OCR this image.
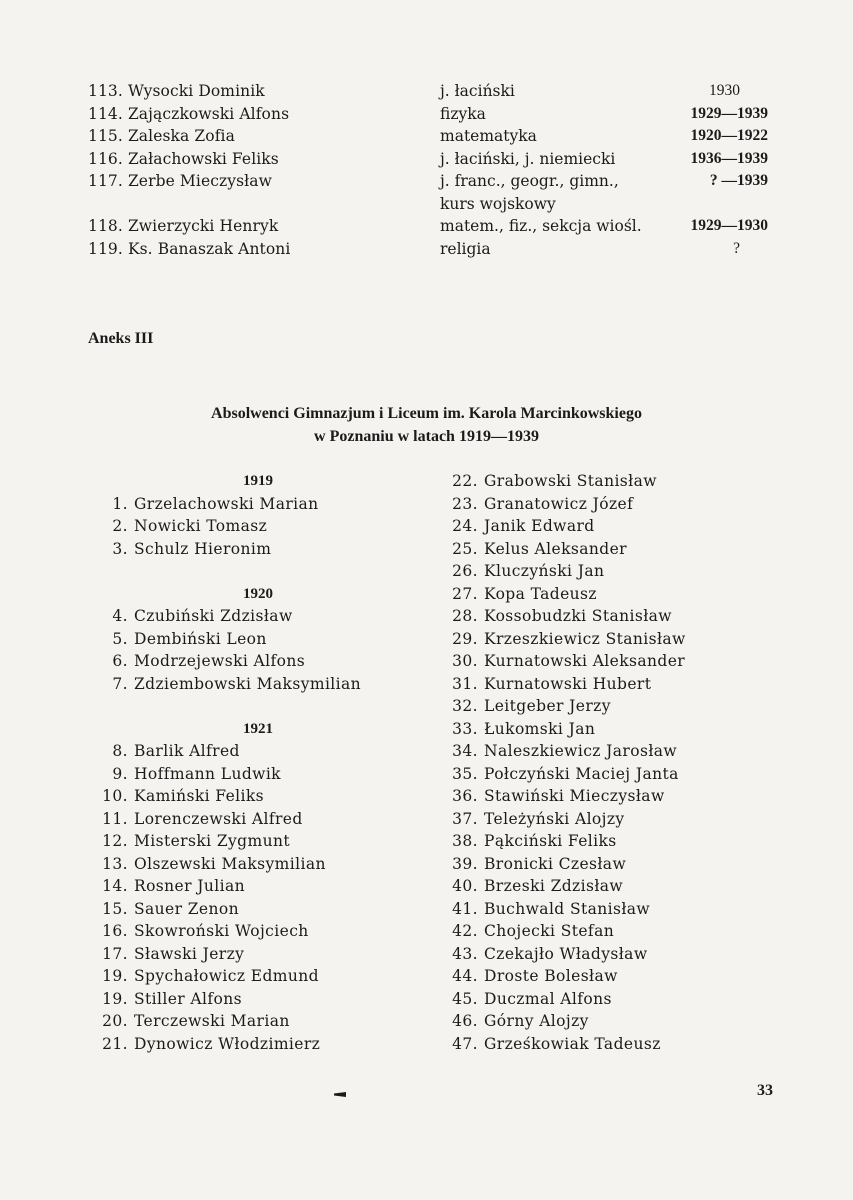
113. Wysocki Dominik	j. łaciński	1930
114. Zajączkowski Alfons	fizyka	1929—1939
115. Zaleska Zofia	matematyka	1920—1922
116. Załachowski Feliks	j. łaciński, j. niemiecki	1936—1939
117. Zerbe Mieczysław	j. franc., geogr., gimn.,	? —1939
kurs wojskowy
118. Zwierzycki Henryk	matem., fiz., sekcja wiośl.	1929—1930
119. Ks. Banaszak Antoni	religia	?
Aneks III
Absolwenci Gimnazjum i Liceum im. Karola Marcinkowskiego
w Poznaniu w latach 1919—1939
1919
1. Grzelachowski Marian
2. Nowicki Tomasz
3. Schulz Hieronim
1920
4. Czubiński Zdzisław
5. Dembiński Leon
6. Modrzejewski Alfons
7. Zdziembowski Maksymilian
1921
8. Barlik Alfred
9. Hoffmann Ludwik
10. Kamiński Feliks
11. Lorenczewski Alfred
12. Misterski Zygmunt
13. Olszewski Maksymilian
14. Rosner Julian
15. Sauer Zenon
16. Skowroński Wojciech
17. Sławski Jerzy
19. Spychałowicz Edmund
19. Stiller Alfons
20. Terczewski Marian
21. Dynowicz Włodzimierz
22. Grabowski Stanisław
23. Granatowicz Józef
24. Janik Edward
25. Kelus Aleksander
26. Kluczyński Jan
27. Kopa Tadeusz
28. Kossobudzki Stanisław
29. Krzeszkiewicz Stanisław
30. Kurnatowski Aleksander
31. Kurnatowski Hubert
32. Leitgeber Jerzy
33. Łukomski Jan
34. Naleszkiewicz Jarosław
35. Połczyński Maciej Janta
36. Stawiński Mieczysław
37. Teleżyński Alojzy
38. Pąkciński Feliks
39. Bronicki Czesław
40. Brzeski Zdzisław
41. Buchwald Stanisław
42. Chojecki Stefan
43. Czekajło Władysław
44. Droste Bolesław
45. Duczmal Alfons
46. Górny Alojzy
47. Grześkowiak Tadeusz
33
